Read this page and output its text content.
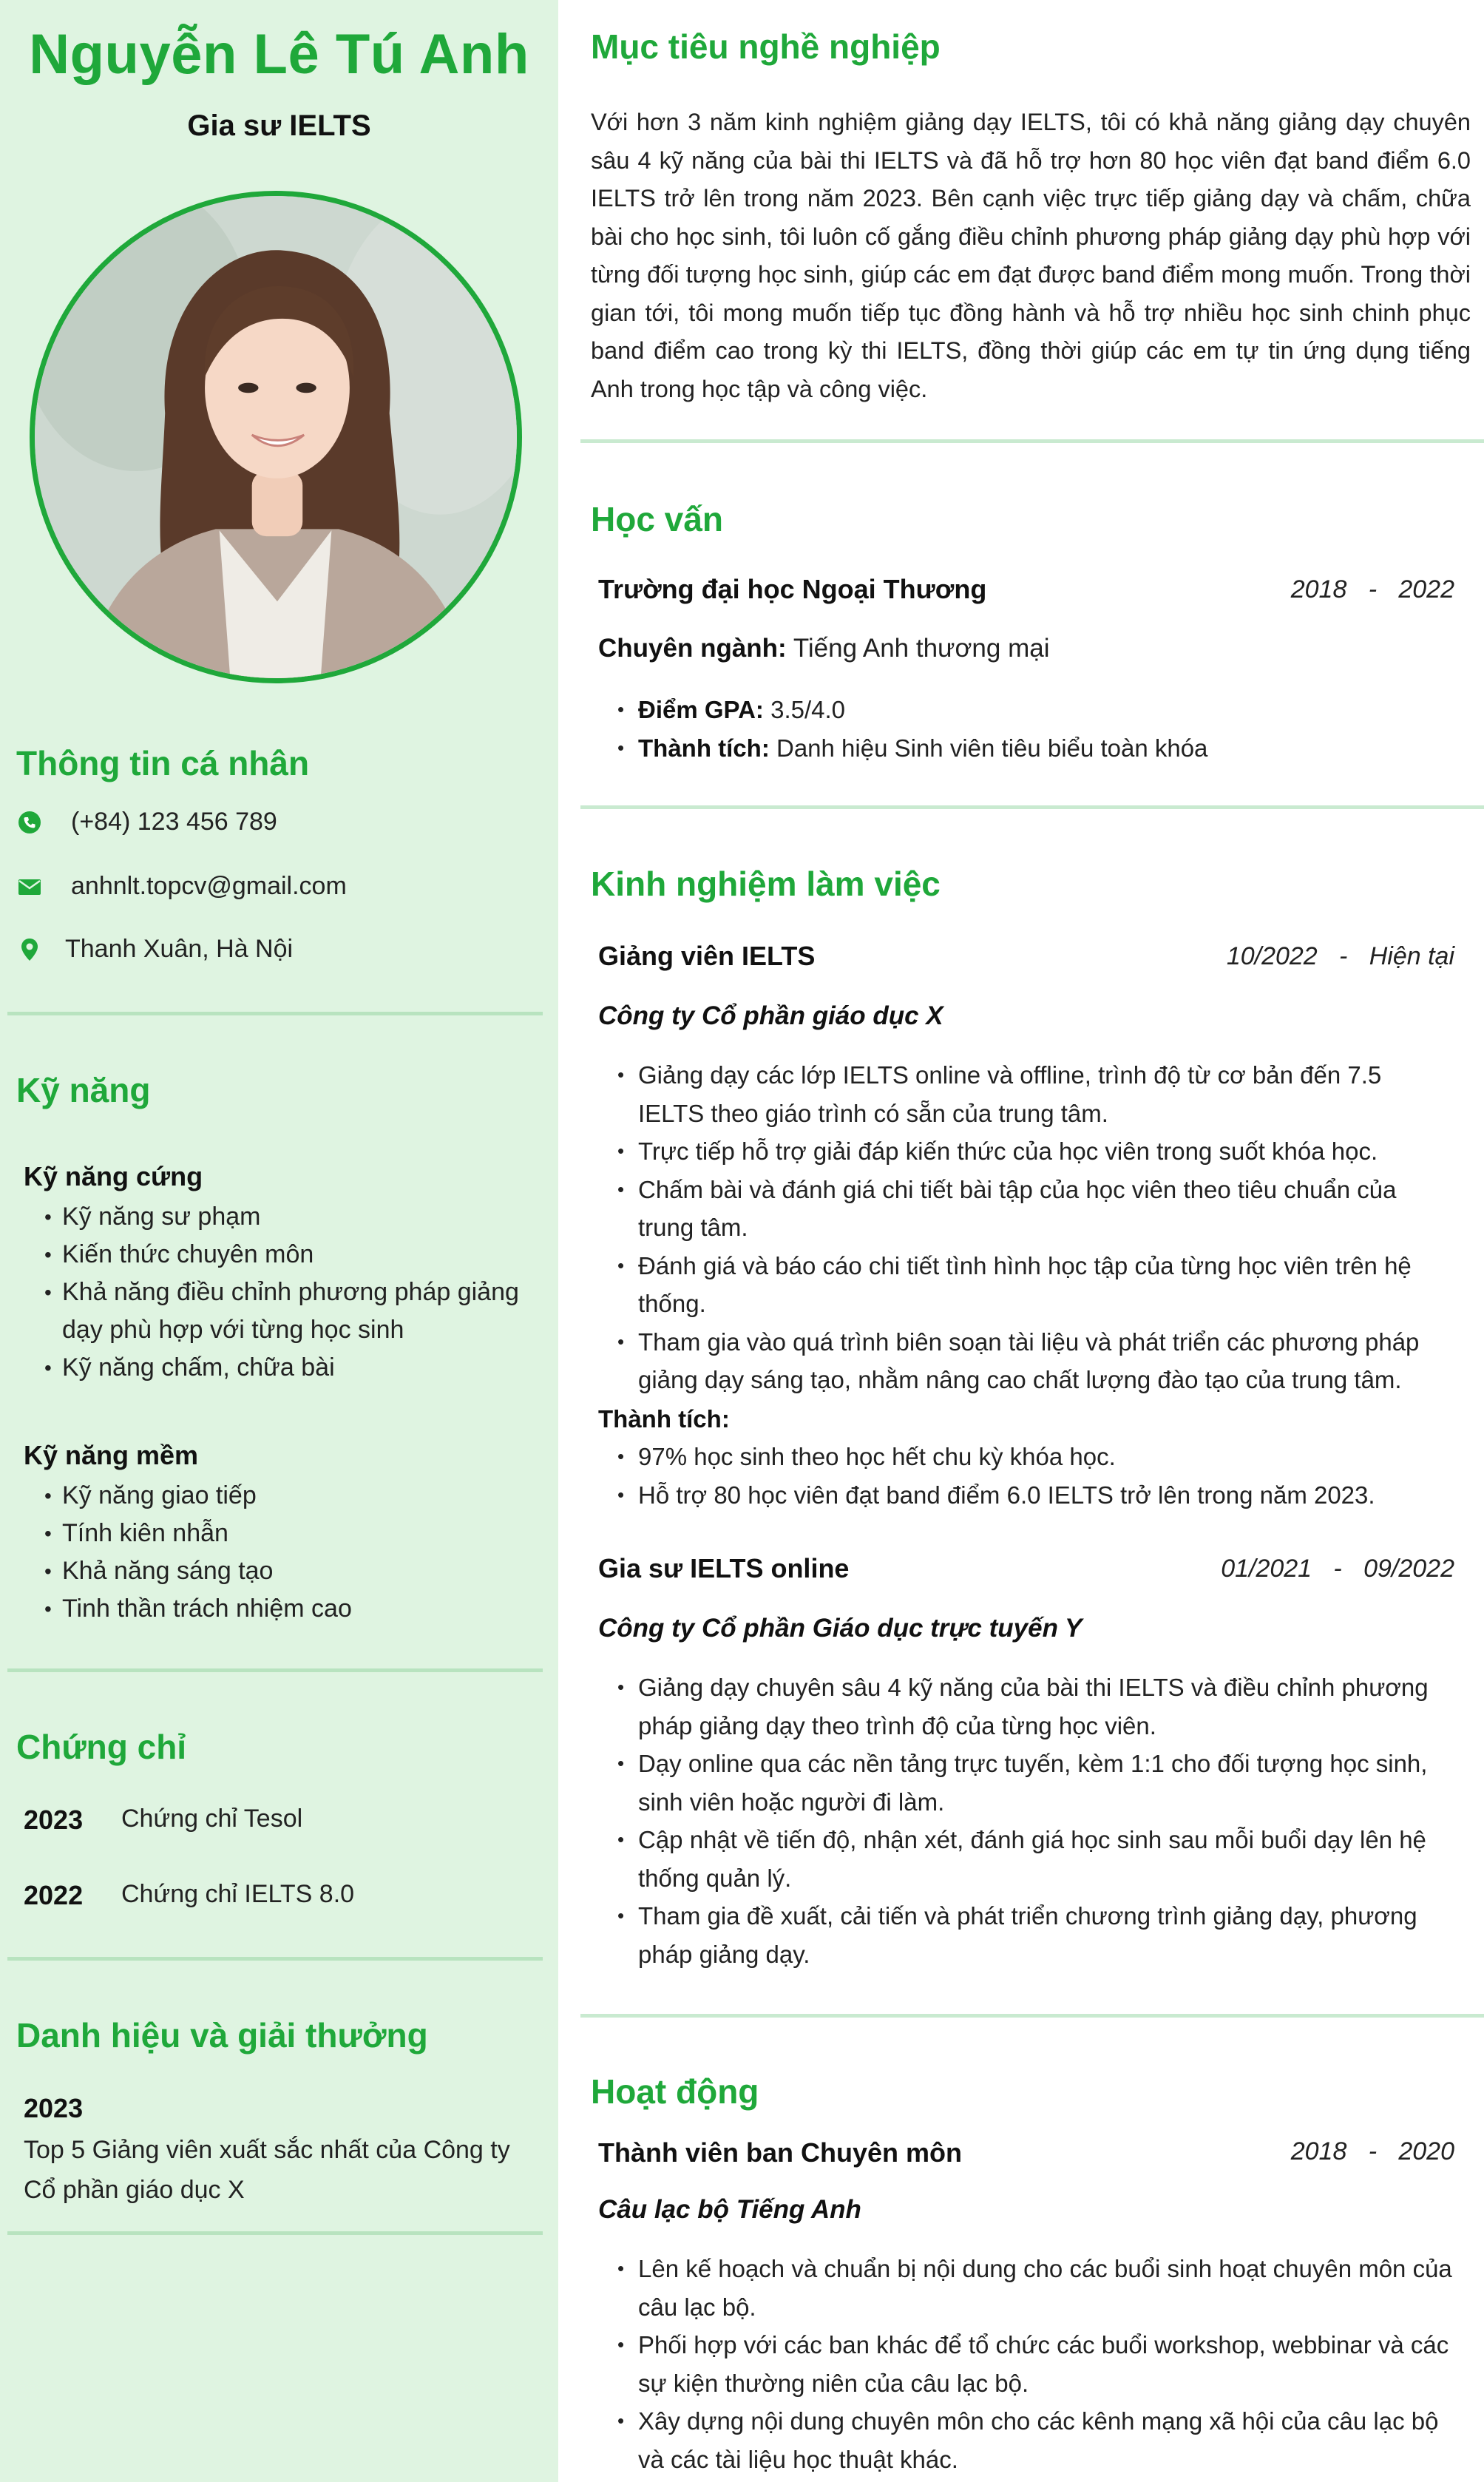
Nguyễn Lê Tú Anh
Gia sư IELTS
Thông tin cá nhân
(+84) 123 456 789
anhnlt.topcv@gmail.com
Thanh Xuân, Hà Nội
Kỹ năng
Kỹ năng cứng
• Kỹ năng sư phạm
• Kiến thức chuyên môn
• Khả năng điều chỉnh phương pháp giảng dạy phù hợp với từng học sinh
• Kỹ năng chấm, chữa bài
Kỹ năng mềm
• Kỹ năng giao tiếp
• Tính kiên nhẫn
• Khả năng sáng tạo
• Tinh thần trách nhiệm cao
Chứng chỉ
2023 Chứng chỉ Tesol
2022 Chứng chỉ IELTS 8.0
Danh hiệu và giải thưởng
2023
Top 5 Giảng viên xuất sắc nhất của Công ty Cổ phần giáo dục X
Mục tiêu nghề nghiệp
Với hơn 3 năm kinh nghiệm giảng dạy IELTS, tôi có khả năng giảng dạy chuyên sâu 4 kỹ năng của bài thi IELTS và đã hỗ trợ hơn 80 học viên đạt band điểm 6.0 IELTS trở lên trong năm 2023. Bên cạnh việc trực tiếp giảng dạy và chấm, chữa bài cho học sinh, tôi luôn cố gắng điều chỉnh phương pháp giảng dạy phù hợp với từng đối tượng học sinh, giúp các em đạt được band điểm mong muốn. Trong thời gian tới, tôi mong muốn tiếp tục đồng hành và hỗ trợ nhiều học sinh chinh phục band điểm cao trong kỳ thi IELTS, đồng thời giúp các em tự tin ứng dụng tiếng Anh trong học tập và công việc.
Học vấn
Trường đại học Ngoại Thương	2018 - 2022
Chuyên ngành: Tiếng Anh thương mại
• Điểm GPA: 3.5/4.0
• Thành tích: Danh hiệu Sinh viên tiêu biểu toàn khóa
Kinh nghiệm làm việc
Giảng viên IELTS	10/2022 - Hiện tại
Công ty Cổ phần giáo dục X
• Giảng dạy các lớp IELTS online và offline, trình độ từ cơ bản đến 7.5 IELTS theo giáo trình có sẵn của trung tâm.
• Trực tiếp hỗ trợ giải đáp kiến thức của học viên trong suốt khóa học.
• Chấm bài và đánh giá chi tiết bài tập của học viên theo tiêu chuẩn của trung tâm.
• Đánh giá và báo cáo chi tiết tình hình học tập của từng học viên trên hệ thống.
• Tham gia vào quá trình biên soạn tài liệu và phát triển các phương pháp giảng dạy sáng tạo, nhằm nâng cao chất lượng đào tạo của trung tâm.
Thành tích:
• 97% học sinh theo học hết chu kỳ khóa học.
• Hỗ trợ 80 học viên đạt band điểm 6.0 IELTS trở lên trong năm 2023.
Gia sư IELTS online	01/2021 - 09/2022
Công ty Cổ phần Giáo dục trực tuyến Y
• Giảng dạy chuyên sâu 4 kỹ năng của bài thi IELTS và điều chỉnh phương pháp giảng dạy theo trình độ của từng học viên.
• Dạy online qua các nền tảng trực tuyến, kèm 1:1 cho đối tượng học sinh, sinh viên hoặc người đi làm.
• Cập nhật về tiến độ, nhận xét, đánh giá học sinh sau mỗi buổi dạy lên hệ thống quản lý.
• Tham gia đề xuất, cải tiến và phát triển chương trình giảng dạy, phương pháp giảng dạy.
Hoạt động
Thành viên ban Chuyên môn	2018 - 2020
Câu lạc bộ Tiếng Anh
• Lên kế hoạch và chuẩn bị nội dung cho các buổi sinh hoạt chuyên môn của câu lạc bộ.
• Phối hợp với các ban khác để tổ chức các buổi workshop, webbinar và các sự kiện thường niên của câu lạc bộ.
• Xây dựng nội dung chuyên môn cho các kênh mạng xã hội của câu lạc bộ và các tài liệu học thuật khác.
